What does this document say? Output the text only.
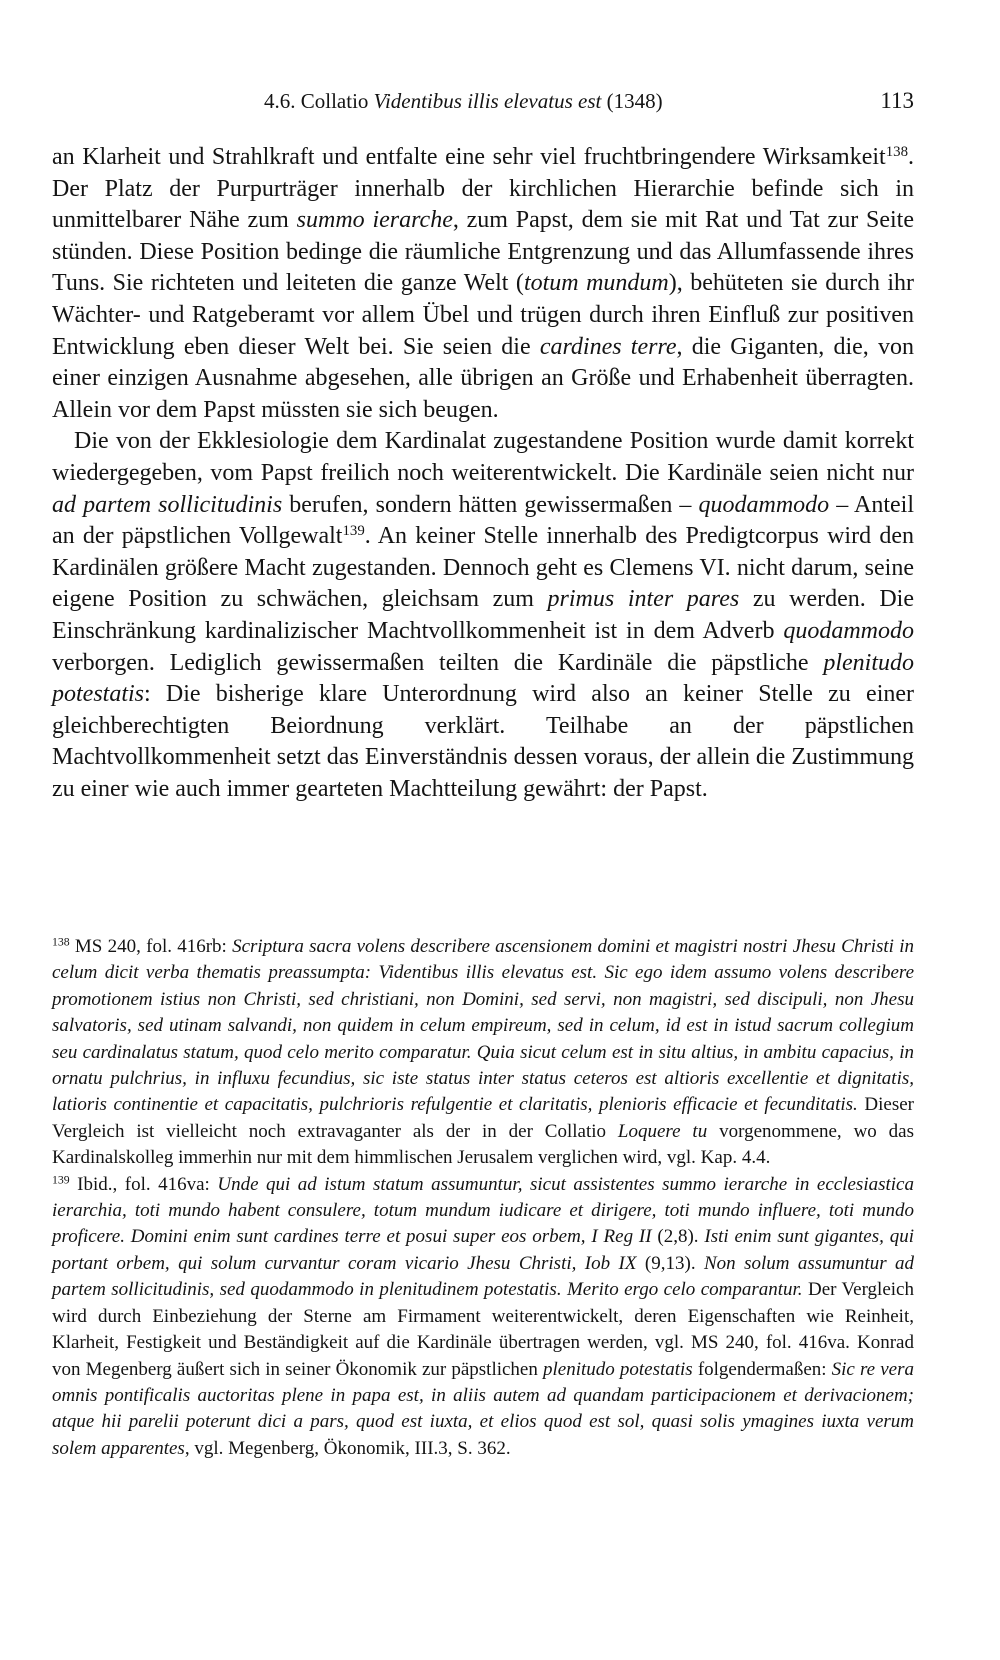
4.6. Collatio Videntibus illis elevatus est (1348)	113

an Klarheit und Strahlkraft und entfalte eine sehr viel fruchtbringendere Wirksamkeit$^{138}$. Der Platz der Purpurträger innerhalb der kirchlichen Hierarchie befinde sich in unmittelbarer Nähe zum summo ierarche, zum Papst, dem sie mit Rat und Tat zur Seite stünden. Diese Position bedinge die räumliche Entgrenzung und das Allumfassende ihres Tuns. Sie richteten und leiteten die ganze Welt (totum mundum), behüteten sie durch ihr Wächter- und Ratgeberamt vor allem Übel und trügen durch ihren Einfluß zur positiven Entwicklung eben dieser Welt bei. Sie seien die cardines terre, die Giganten, die, von einer einzigen Ausnahme abgesehen, alle übrigen an Größe und Erhabenheit überragten. Allein vor dem Papst müssten sie sich beugen.

Die von der Ekklesiologie dem Kardinalat zugestandene Position wurde damit korrekt wiedergegeben, vom Papst freilich noch weiterentwickelt. Die Kardinäle seien nicht nur ad partem sollicitudinis berufen, sondern hätten gewissermaßen – quodammodo – Anteil an der päpstlichen Vollgewalt$^{139}$. An keiner Stelle innerhalb des Predigtcorpus wird den Kardinälen größere Macht zugestanden. Dennoch geht es Clemens VI. nicht darum, seine eigene Position zu schwächen, gleichsam zum primus inter pares zu werden. Die Einschränkung kardinalizischer Machtvollkommenheit ist in dem Adverb quodammodo verborgen. Lediglich gewissermaßen teilten die Kardinäle die päpstliche plenitudo potestatis: Die bisherige klare Unterordnung wird also an keiner Stelle zu einer gleichberechtigten Beiordnung verklärt. Teilhabe an der päpstlichen Machtvollkommenheit setzt das Einverständnis dessen voraus, der allein die Zustimmung zu einer wie auch immer gearteten Machtteilung gewährt: der Papst.

$^{138}$ MS 240, fol. 416rb: Scriptura sacra volens describere ascensionem domini et magistri nostri Jhesu Christi in celum dicit verba thematis preassumpta: Videntibus illis elevatus est. Sic ego idem assumo volens describere promotionem istius non Christi, sed christiani, non Domini, sed servi, non magistri, sed discipuli, non Jhesu salvatoris, sed utinam salvandi, non quidem in celum empireum, sed in celum, id est in istud sacrum collegium seu cardinalatus statum, quod celo merito comparatur. Quia sicut celum est in situ altius, in ambitu capacius, in ornatu pulchrius, in influxu fecundius, sic iste status inter status ceteros est altioris excellentie et dignitatis, latioris continentie et capacitatis, pulchrioris refulgentie et claritatis, plenioris efficacie et fecunditatis. Dieser Vergleich ist vielleicht noch extravaganter als der in der Collatio Loquere tu vorgenommene, wo das Kardinalskolleg immerhin nur mit dem himmlischen Jerusalem verglichen wird, vgl. Kap. 4.4.

$^{139}$ Ibid., fol. 416va: Unde qui ad istum statum assumuntur, sicut assistentes summo ierarche in ecclesiastica ierarchia, toti mundo habent consulere, totum mundum iudicare et dirigere, toti mundo influere, toti mundo proficere. Domini enim sunt cardines terre et posui super eos orbem, I Reg II (2,8). Isti enim sunt gigantes, qui portant orbem, qui solum curvantur coram vicario Jhesu Christi, Iob IX (9,13). Non solum assumuntur ad partem sollicitudinis, sed quodammodo in plenitudinem potestatis. Merito ergo celo comparantur. Der Vergleich wird durch Einbeziehung der Sterne am Firmament weiterentwickelt, deren Eigenschaften wie Reinheit, Klarheit, Festigkeit und Beständigkeit auf die Kardinäle übertragen werden, vgl. MS 240, fol. 416va. Konrad von Megenberg äußert sich in seiner Ökonomik zur päpstlichen plenitudo potestatis folgendermaßen: Sic re vera omnis pontificalis auctoritas plene in papa est, in aliis autem ad quandam participacionem et derivacionem; atque hii parelii poterunt dici a pars, quod est iuxta, et elios quod est sol, quasi solis ymagines iuxta verum solem apparentes, vgl. Megenberg, Ökonomik, III.3, S. 362.
